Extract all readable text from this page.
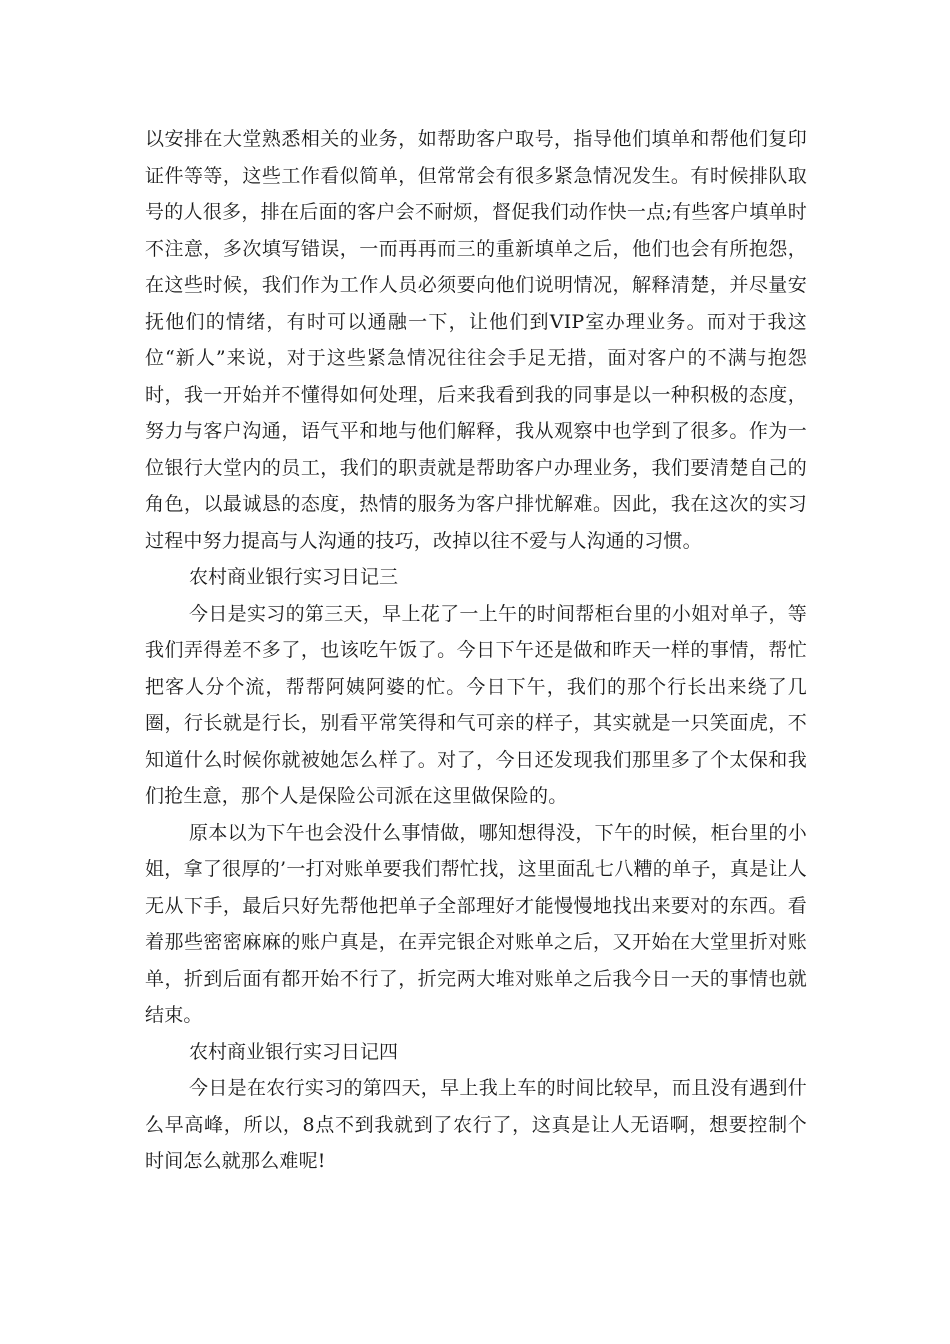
以安排在大堂熟悉相关的业务，如帮助客户取号，指导他们填单和帮他们复印证件等等，这些工作看似简单，但常常会有很多紧急情况发生。有时候排队取号的人很多，排在后面的客户会不耐烦，督促我们动作快一点;有些客户填单时不注意，多次填写错误，一而再再而三的重新填单之后，他们也会有所抱怨，在这些时候，我们作为工作人员必须要向他们说明情况，解释清楚，并尽量安抚他们的情绪，有时可以通融一下，让他们到VIP室办理业务。而对于我这位“新人”来说，对于这些紧急情况往往会手足无措，面对客户的不满与抱怨时，我一开始并不懂得如何处理，后来我看到我的同事是以一种积极的态度，努力与客户沟通，语气平和地与他们解释，我从观察中也学到了很多。作为一位银行大堂内的员工，我们的职责就是帮助客户办理业务，我们要清楚自己的角色，以最诚恳的态度，热情的服务为客户排忧解难。因此，我在这次的实习过程中努力提高与人沟通的技巧，改掉以往不爱与人沟通的习惯。

农村商业银行实习日记三

今日是实习的第三天，早上花了一上午的时间帮柜台里的小姐对单子，等我们弄得差不多了，也该吃午饭了。今日下午还是做和昨天一样的事情，帮忙把客人分个流，帮帮阿姨阿婆的忙。今日下午，我们的那个行长出来绕了几圈，行长就是行长，别看平常笑得和气可亲的样子，其实就是一只笑面虎，不知道什么时候你就被她怎么样了。对了，今日还发现我们那里多了个太保和我们抢生意，那个人是保险公司派在这里做保险的。

原本以为下午也会没什么事情做，哪知想得没，下午的时候，柜台里的小姐，拿了很厚的’一打对账单要我们帮忙找，这里面乱七八糟的单子，真是让人无从下手，最后只好先帮他把单子全部理好才能慢慢地找出来要对的东西。看着那些密密麻麻的账户真是，在弄完银企对账单之后，又开始在大堂里折对账单，折到后面有都开始不行了，折完两大堆对账单之后我今日一天的事情也就结束。

农村商业银行实习日记四

今日是在农行实习的第四天，早上我上车的时间比较早，而且没有遇到什么早高峰，所以，8点不到我就到了农行了，这真是让人无语啊，想要控制个时间怎么就那么难呢!
